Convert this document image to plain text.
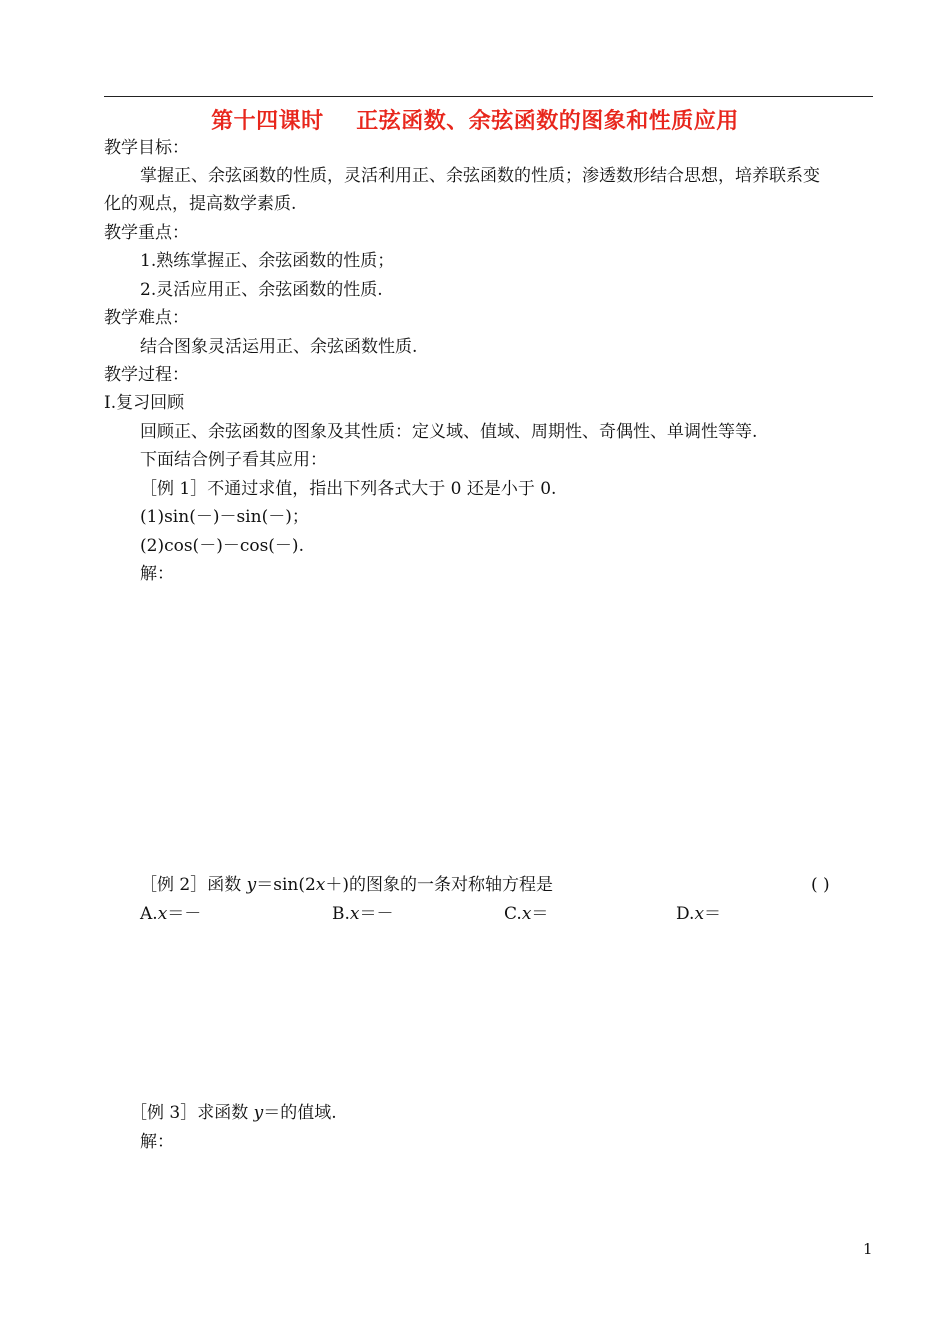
第十四课时    正弦函数、余弦函数的图象和性质应用
教学目标：
掌握正、余弦函数的性质，灵活利用正、余弦函数的性质；渗透数形结合思想，培养联系变
化的观点，提高数学素质.
教学重点：
1.熟练掌握正、余弦函数的性质；
2.灵活应用正、余弦函数的性质.
教学难点：
结合图象灵活运用正、余弦函数性质.
教学过程：
Ⅰ.复习回顾
回顾正、余弦函数的图象及其性质：定义域、值域、周期性、奇偶性、单调性等等.
下面结合例子看其应用：
［例 1］不通过求值，指出下列各式大于 0 还是小于 0.
(1)sin(－)－sin(－)；
(2)cos(－)－cos(－).
解：
［例 2］函数 y＝sin(2x＋)的图象的一条对称轴方程是	( )
A.x＝－	B.x＝－	C.x＝	D.x＝
［例 3］求函数 y＝的值域.
解：
1
